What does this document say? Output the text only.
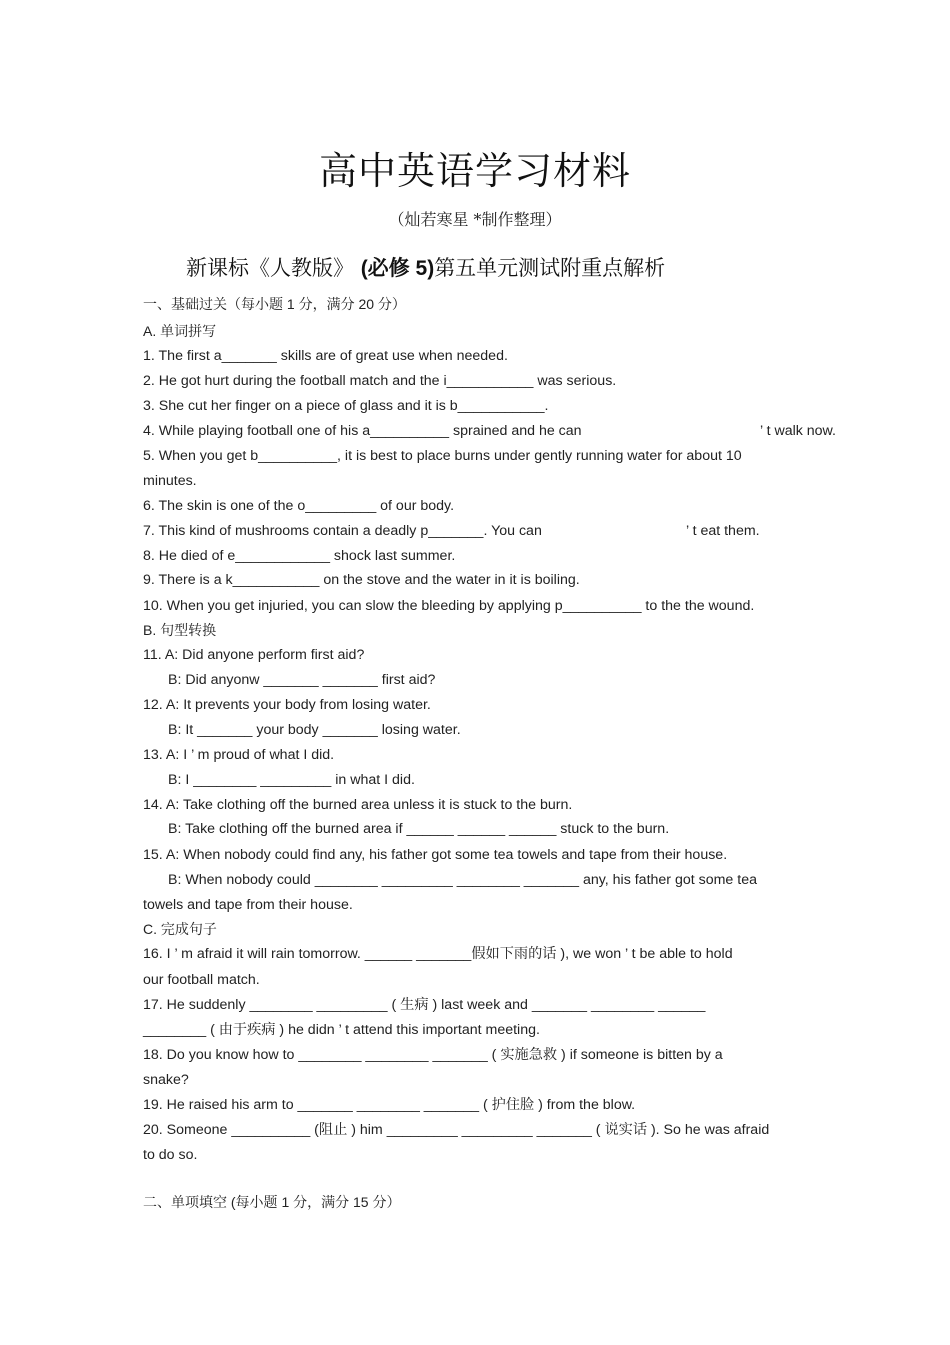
高中英语学习材料
（灿若寒星 *制作整理）
新课标《人教版》 (必修 5)第五单元测试附重点解析
一、基础过关（每小题 1 分，满分 20 分）
A. 单词拼写
1. The first a_______ skills are of great use when needed.
2. He got hurt during the football match and the i___________ was serious.
3. She cut her finger on a piece of glass and it is b___________.
4. While playing football one of his a__________ sprained and he can	’ t walk now.
5. When you get b__________, it is best to place burns under gently running water for about 10
minutes.
6. The skin is one of the o_________ of our body.
7. This kind of mushrooms contain a deadly p_______. You can	’ t eat them.
8. He died of e____________ shock last summer.
9. There is a k___________ on the stove and the water in it is boiling.
10. When you get injuried, you can slow the bleeding by applying p__________ to the the wound.
B. 句型转换
11. A: Did anyone perform first aid?
B: Did anyonw _______ _______ first aid?
12. A: It prevents your body from losing water.
B: It _______ your body _______ losing water.
13. A: I ’ m proud of what I did.
B: I ________ _________ in what I did.
14. A: Take clothing off the burned area unless it is stuck to the burn.
B: Take clothing off the burned area if ______ ______ ______ stuck to the burn.
15. A: When nobody could find any, his father got some tea towels and tape from their house.
B: When nobody could ________ _________ ________ _______ any, his father got some tea
towels and tape from their house.
C. 完成句子
16. I ’ m afraid it will rain tomorrow. ______ _______假如下雨的话 ), we won ’ t be able to hold
our football match.
17. He suddenly ________ _________ ( 生病 ) last week and _______ ________ ______
________ ( 由于疾病 ) he didn ’ t attend this important meeting.
18. Do you know how to ________ ________ _______ ( 实施急救 ) if someone is bitten by a
snake?
19. He raised his arm to _______ ________ _______ ( 护住脸 ) from the blow.
20. Someone __________ (阻止 ) him _________ _________ _______ ( 说实话 ). So he was afraid
to do so.
二、单项填空 (每小题 1 分，满分 15 分）
